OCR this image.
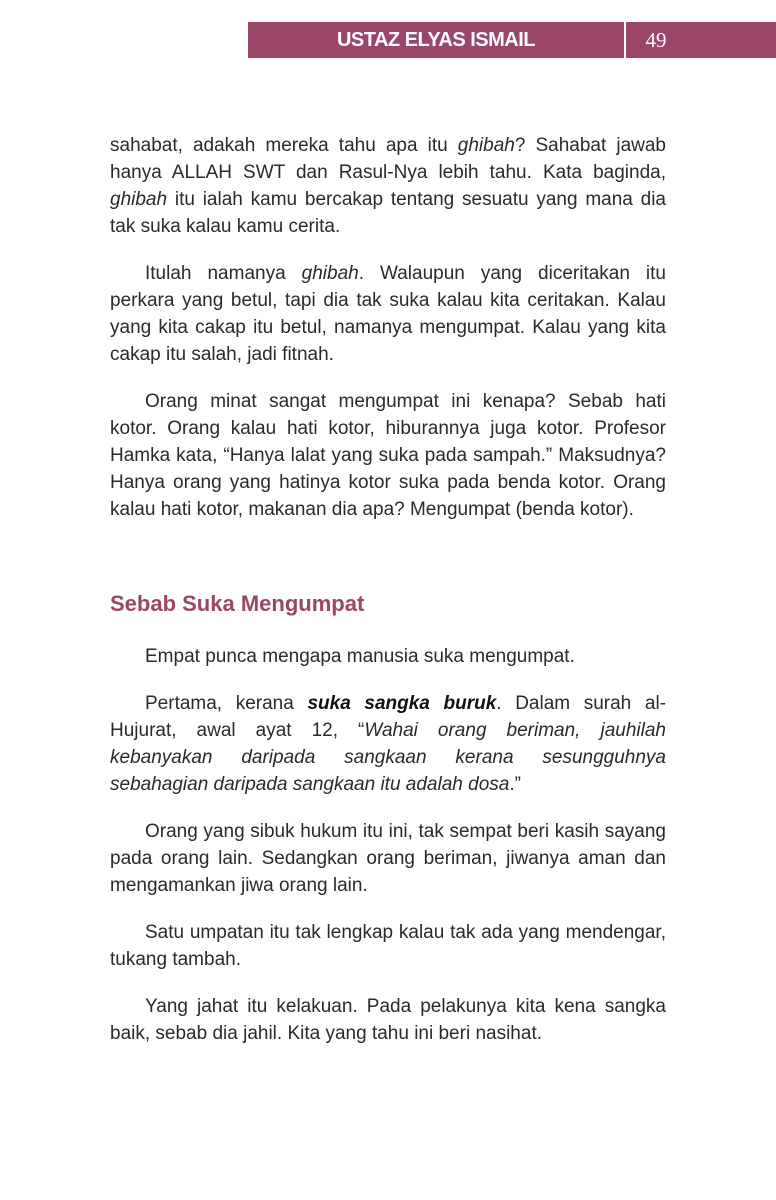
USTAZ ELYAS ISMAIL	49

sahabat, adakah mereka tahu apa itu ghibah? Sahabat jawab hanya ALLAH SWT dan Rasul-Nya lebih tahu. Kata baginda, ghibah itu ialah kamu bercakap tentang sesuatu yang mana dia tak suka kalau kamu cerita.

Itulah namanya ghibah. Walaupun yang diceritakan itu perkara yang betul, tapi dia tak suka kalau kita ceritakan. Kalau yang kita cakap itu betul, namanya mengumpat. Kalau yang kita cakap itu salah, jadi fitnah.

Orang minat sangat mengumpat ini kenapa? Sebab hati kotor. Orang kalau hati kotor, hiburannya juga kotor. Profesor Hamka kata, “Hanya lalat yang suka pada sampah.” Maksudnya? Hanya orang yang hatinya kotor suka pada benda kotor. Orang kalau hati kotor, makanan dia apa? Mengumpat (benda kotor).

Sebab Suka Mengumpat

Empat punca mengapa manusia suka mengumpat.

Pertama, kerana suka sangka buruk. Dalam surah al-Hujurat, awal ayat 12, “Wahai orang beriman, jauhilah kebanyakan daripada sangkaan kerana sesungguhnya sebahagian daripada sangkaan itu adalah dosa.”

Orang yang sibuk hukum itu ini, tak sempat beri kasih sayang pada orang lain. Sedangkan orang beriman, jiwanya aman dan mengamankan jiwa orang lain.

Satu umpatan itu tak lengkap kalau tak ada yang mendengar, tukang tambah.

Yang jahat itu kelakuan. Pada pelakunya kita kena sangka baik, sebab dia jahil. Kita yang tahu ini beri nasihat.
